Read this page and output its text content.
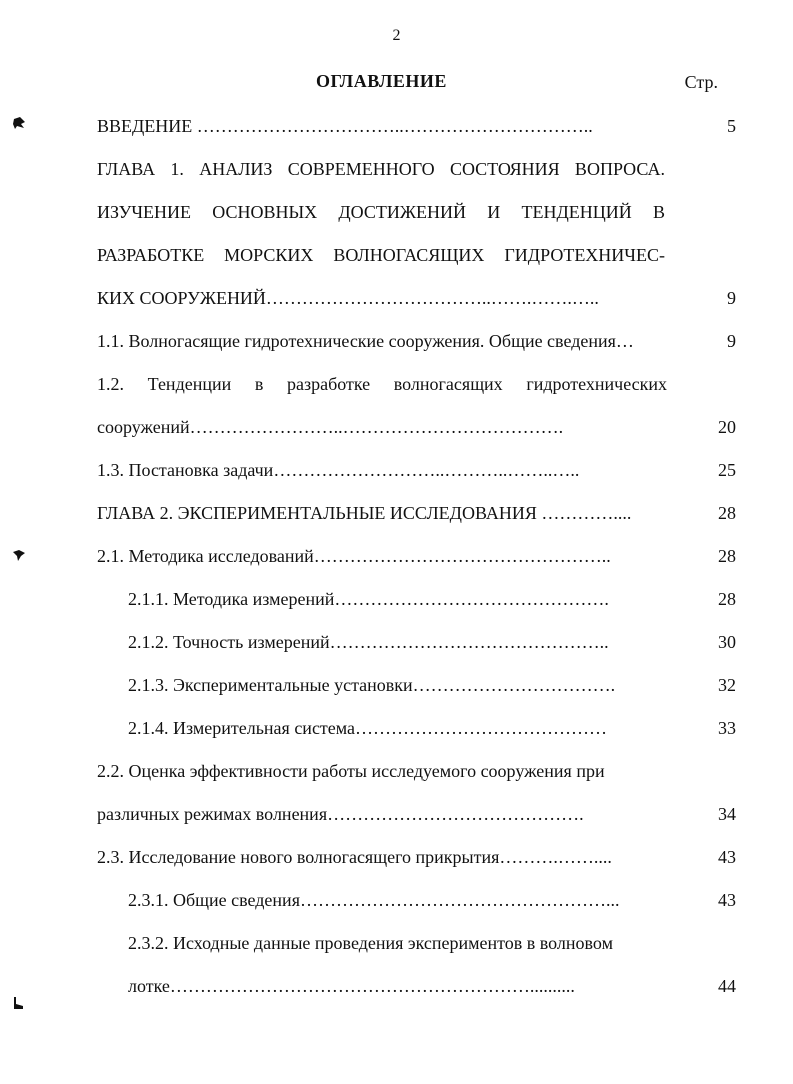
2
ОГЛАВЛЕНИЕ	Стр.
ВВЕДЕНИЕ ……………………………..…………………………..	5
ГЛАВА 1. АНАЛИЗ СОВРЕМЕННОГО СОСТОЯНИЯ ВОПРОСА.
ИЗУЧЕНИЕ ОСНОВНЫХ ДОСТИЖЕНИЙ И ТЕНДЕНЦИЙ В
РАЗРАБОТКЕ МОРСКИХ ВОЛНОГАСЯЩИХ ГИДРОТЕХНИЧЕС-
КИХ СООРУЖЕНИЙ………………………………..…….…….…..	9
1.1. Волногасящие гидротехнические сооружения. Общие сведения…	9
1.2. Тенденции в разработке волногасящих гидротехнических
сооружений……………………..……………………………….	20
1.3. Постановка задачи………………………..………..……..…..	25
ГЛАВА 2. ЭКСПЕРИМЕНТАЛЬНЫЕ ИССЛЕДОВАНИЯ …………....	28
2.1. Методика исследований…………………………………………..	28
2.1.1. Методика измерений……………………………………….	28
2.1.2. Точность измерений………………………………………..	30
2.1.3. Экспериментальные установки…………………………….	32
2.1.4. Измерительная система……………………………………	33
2.2. Оценка эффективности работы исследуемого сооружения при
различных режимах волнения…………………………………….	34
2.3. Исследование нового волногасящего прикрытия……….……....	43
2.3.1. Общие сведения……………………………………………...	43
2.3.2. Исходные данные проведения экспериментов в волновом
лотке……………………………………………………..........	44
